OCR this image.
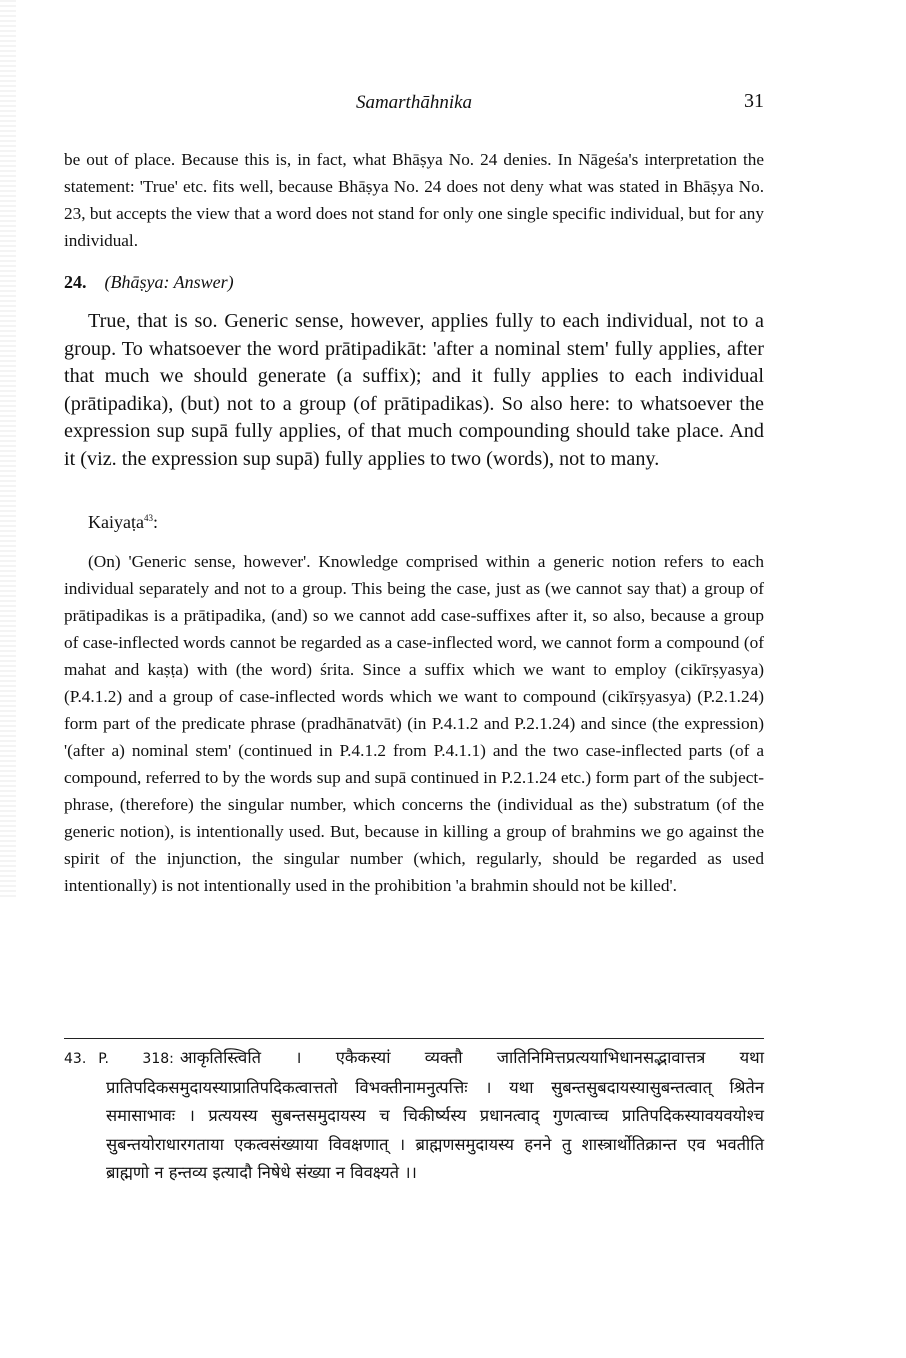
Samarthāhnika	31

be out of place. Because this is, in fact, what Bhāṣya No. 24 denies. In Nāgeśa's interpretation the statement: 'True' etc. fits well, because Bhāṣya No. 24 does not deny what was stated in Bhāṣya No. 23, but accepts the view that a word does not stand for only one single specific individual, but for any individual.

24. (Bhāṣya: Answer)

True, that is so. Generic sense, however, applies fully to each individual, not to a group. To whatsoever the word prātipadikāt: 'after a nominal stem' fully applies, after that much we should generate (a suffix); and it fully applies to each individual (prātipadika), (but) not to a group (of prātipadikas). So also here: to whatsoever the expression sup supā fully applies, of that much compounding should take place. And it (viz. the expression sup supā) fully applies to two (words), not to many.

Kaiyaṭa$^{43}$:

(On) 'Generic sense, however'. Knowledge comprised within a generic notion refers to each individual separately and not to a group. This being the case, just as (we cannot say that) a group of prātipadikas is a prātipadika, (and) so we cannot add case-suffixes after it, so also, because a group of case-inflected words cannot be regarded as a case-inflected word, we cannot form a compound (of mahat and kaṣṭa) with (the word) śrita. Since a suffix which we want to employ (cikīrṣyasya) (P.4.1.2) and a group of case-inflected words which we want to compound (cikīrṣyasya) (P.2.1.24) form part of the predicate phrase (pradhānatvāt) (in P.4.1.2 and P.2.1.24) and since (the expression) '(after a) nominal stem' (continued in P.4.1.2 from P.4.1.1) and the two case-inflected parts (of a compound, referred to by the words sup and supā continued in P.2.1.24 etc.) form part of the subject-phrase, (therefore) the singular number, which concerns the (individual as the) substratum (of the generic notion), is intentionally used. But, because in killing a group of brahmins we go against the spirit of the injunction, the singular number (which, regularly, should be regarded as used intentionally) is not intentionally used in the prohibition 'a brahmin should not be killed'.

43. P. 318: आकृतिस्त्विति । एकैकस्यां व्यक्तौ जातिनिमित्तप्रत्ययाभिधानसद्भावात्तत्र यथा प्रातिपदिकसमुदायस्याप्रातिपदिकत्वात्ततो विभक्तीनामनुत्पत्तिः । यथा सुबन्तसुबदायस्यासुबन्तत्वात् श्रितेन समासाभावः । प्रत्ययस्य सुबन्तसमुदायस्य च चिकीर्ष्यस्य प्रधानत्वाद् गुणत्वाच्च प्रातिपदिकस्यावयवयोश्च सुबन्तयोराधारगताया एकत्वसंख्याया विवक्षणात् । ब्राह्मणसमुदायस्य हनने तु शास्त्रार्थोतिक्रान्त एव भवतीति ब्राह्मणो न हन्तव्य इत्यादौ निषेधे संख्या न विवक्ष्यते ।।
